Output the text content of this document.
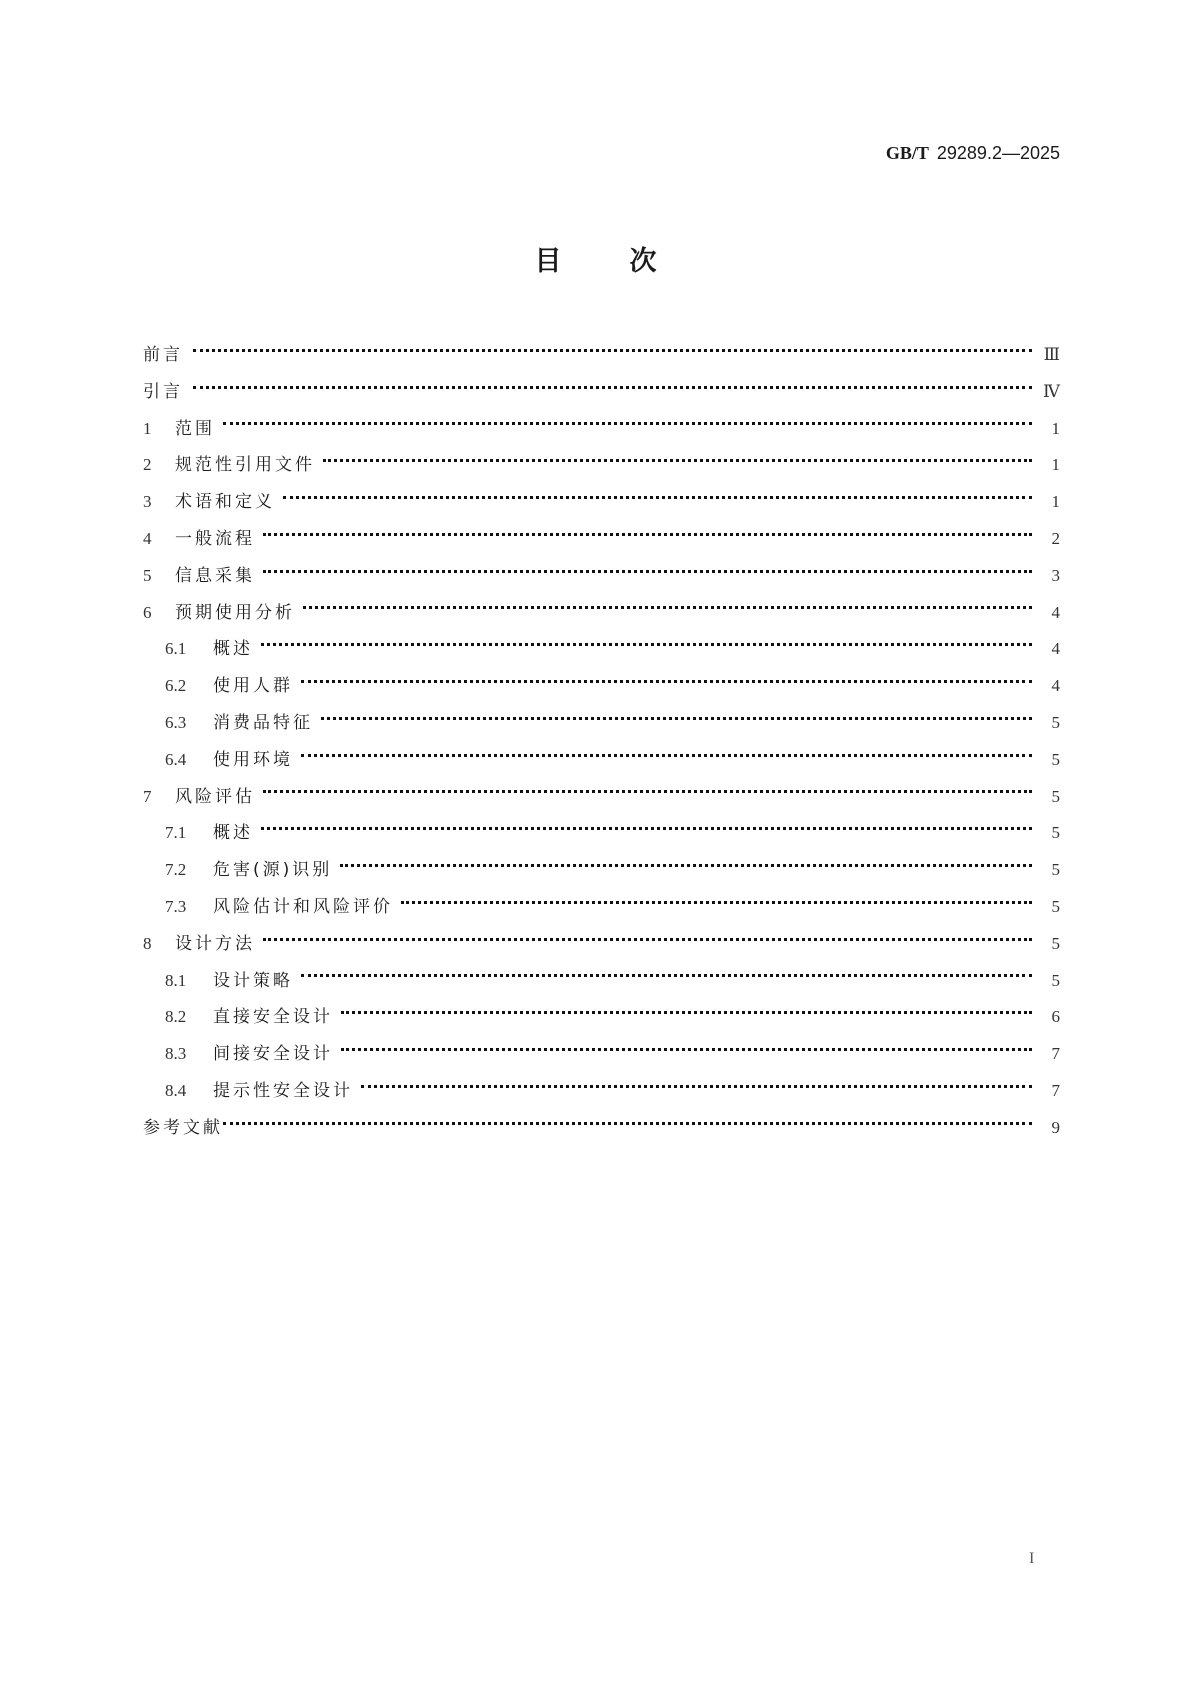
GB/T 29289.2—2025
目次
前言	Ⅲ
引言	Ⅳ
1	范围	1
2	规范性引用文件	1
3	术语和定义	1
4	一般流程	2
5	信息采集	3
6	预期使用分析	4
6.1	概述	4
6.2	使用人群	4
6.3	消费品特征	5
6.4	使用环境	5
7	风险评估	5
7.1	概述	5
7.2	危害(源)识别	5
7.3	风险估计和风险评价	5
8	设计方法	5
8.1	设计策略	5
8.2	直接安全设计	6
8.3	间接安全设计	7
8.4	提示性安全设计	7
参考文献	9
I
